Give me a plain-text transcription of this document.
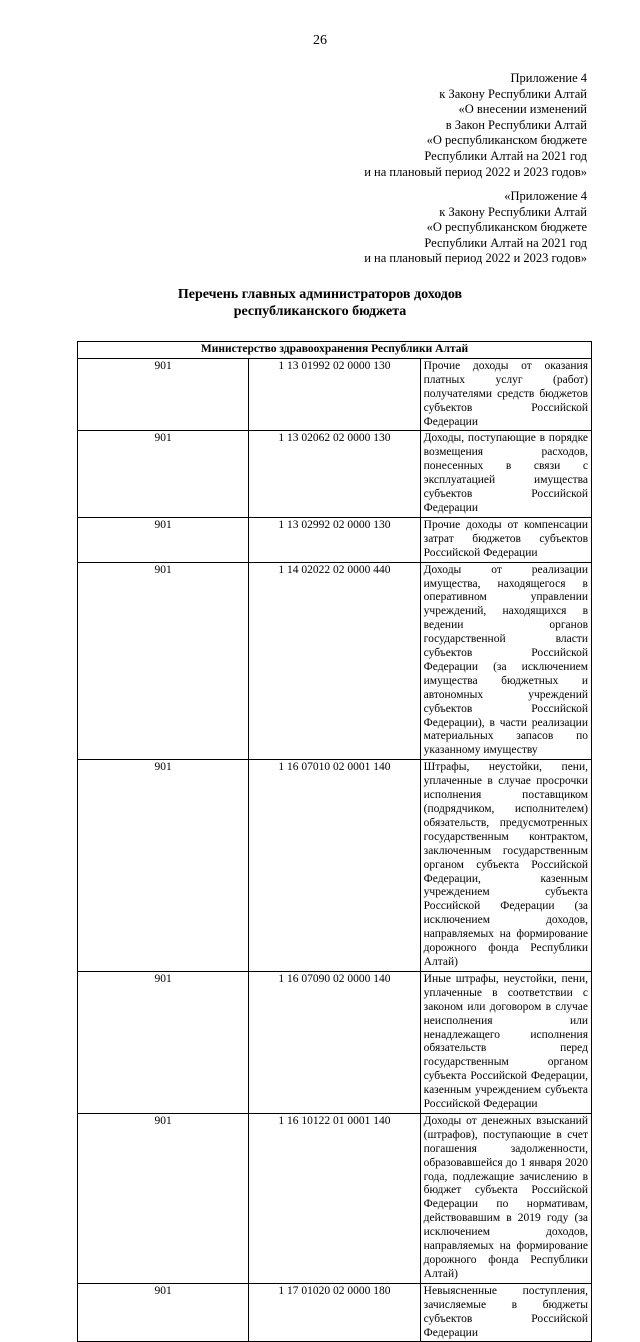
26
Приложение 4
к Закону Республики Алтай
«О внесении изменений
в Закон Республики Алтай
«О республиканском бюджете
Республики Алтай на 2021 год
и на плановый период 2022 и 2023 годов»
«Приложение 4
к Закону Республики Алтай
«О республиканском бюджете
Республики Алтай на 2021 год
и на плановый период 2022 и 2023 годов»
Перечень главных администраторов доходов
республиканского бюджета
Министерство здравоохранения Республики Алтай		
901	1 13 01992 02 0000 130	Прочие доходы от оказания платных услуг (работ) получателями средств бюджетов субъектов Российской Федерации
901	1 13 02062 02 0000 130	Доходы, поступающие в порядке возмещения расходов, понесенных в связи с эксплуатацией имущества субъектов Российской Федерации
901	1 13 02992 02 0000 130	Прочие доходы от компенсации затрат бюджетов субъектов Российской Федерации
901	1 14 02022 02 0000 440	Доходы от реализации имущества, находящегося в оперативном управлении учреждений, находящихся в ведении органов государственной власти субъектов Российской Федерации (за исключением имущества бюджетных и автономных учреждений субъектов Российской Федерации), в части реализации материальных запасов по указанному имуществу
901	1 16 07010 02 0001 140	Штрафы, неустойки, пени, уплаченные в случае просрочки исполнения поставщиком (подрядчиком, исполнителем) обязательств, предусмотренных государственным контрактом, заключенным государственным органом субъекта Российской Федерации, казенным учреждением субъекта Российской Федерации (за исключением доходов, направляемых на формирование дорожного фонда Республики Алтай)
901	1 16 07090 02 0000 140	Иные штрафы, неустойки, пени, уплаченные в соответствии с законом или договором в случае неисполнения или ненадлежащего исполнения обязательств перед государственным органом субъекта Российской Федерации, казенным учреждением субъекта Российской Федерации
901	1 16 10122 01 0001 140	Доходы от денежных взысканий (штрафов), поступающие в счет погашения задолженности, образовавшейся до 1 января 2020 года, подлежащие зачислению в бюджет субъекта Российской Федерации по нормативам, действовавшим в 2019 году (за исключением доходов, направляемых на формирование дорожного фонда Республики Алтай)
901	1 17 01020 02 0000 180	Невыясненные поступления, зачисляемые в бюджеты субъектов Российской Федерации
